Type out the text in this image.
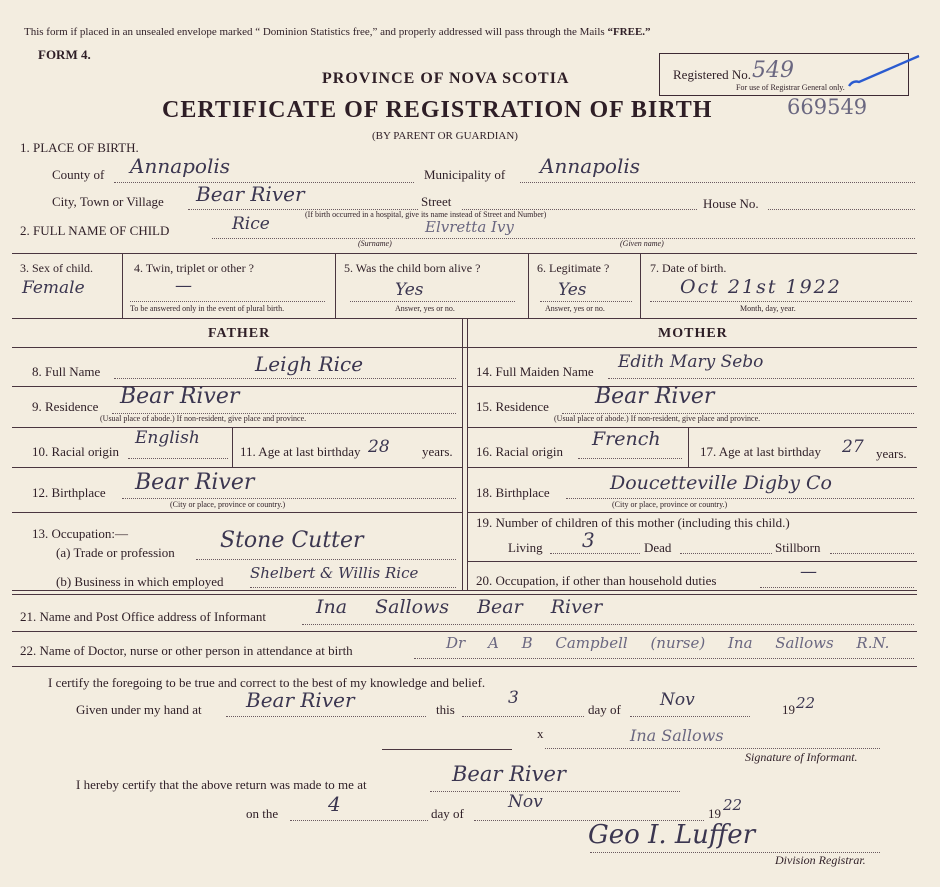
This form if placed in an unsealed envelope marked “ Dominion Statistics free,” and properly addressed will pass through the Mails “FREE.”
FORM 4.
PROVINCE OF NOVA SCOTIA
CERTIFICATE OF REGISTRATION OF BIRTH
(BY PARENT OR GUARDIAN)
Registered No. 549
For use of Registrar General only.
669549
1. PLACE OF BIRTH.
County of Annapolis	Municipality of Annapolis
City, Town or Village Bear River	Street
(If birth occurred in a hospital, give its name instead of Street and Number)
House No.
2. FULL NAME OF CHILD	Rice	Elvretta Ivy
(Surname)	(Given name)
3. Sex of child.
Female
4. Twin, triplet or other ?
—
To be answered only in the event of plural birth.
5. Was the child born alive ?
Yes
Answer, yes or no.
6. Legitimate ?
Yes
Answer, yes or no.
7. Date of birth.
Oct 21st 1922
Month, day, year.
FATHER	MOTHER
8. Full Name	Leigh Rice
9. Residence Bear River
(Usual place of abode.) If non-resident, give place and province.
10. Racial origin
English
11. Age at last birthday 28 years.
12. Birthplace Bear River
(City or place, province or country.)
13. Occupation:—
(a) Trade or profession Stone Cutter
(b) Business in which employed Shelbert & Willis Rice
14. Full Maiden Name Edith Mary Sebo
15. Residence Bear River
(Usual place of abode.) If non-resident, give place and province.
16. Racial origin
French
17. Age at last birthday 27 years.
18. Birthplace	Doucetteville Digby Co
(City or place, province or country.)
19. Number of children of this mother (including this child.)
Living 3	Dead	Stillborn
20. Occupation, if other than household duties	—
21. Name and Post Office address of Informant	Ina Sallows Bear River
22. Name of Doctor, nurse or other person in attendance at birth	Dr A B Campbell (nurse) Ina Sallows R.N.
I certify the foregoing to be true and correct to the best of my knowledge and belief.
Given under my hand at Bear River	this
3
day of Nov	19 22
x	Ina Sallows
Signature of Informant.
I hereby certify that the above return was made to me at	Bear River
on the 4	day of
Nov
19 22
Geo I. Luffer
Division Registrar.
